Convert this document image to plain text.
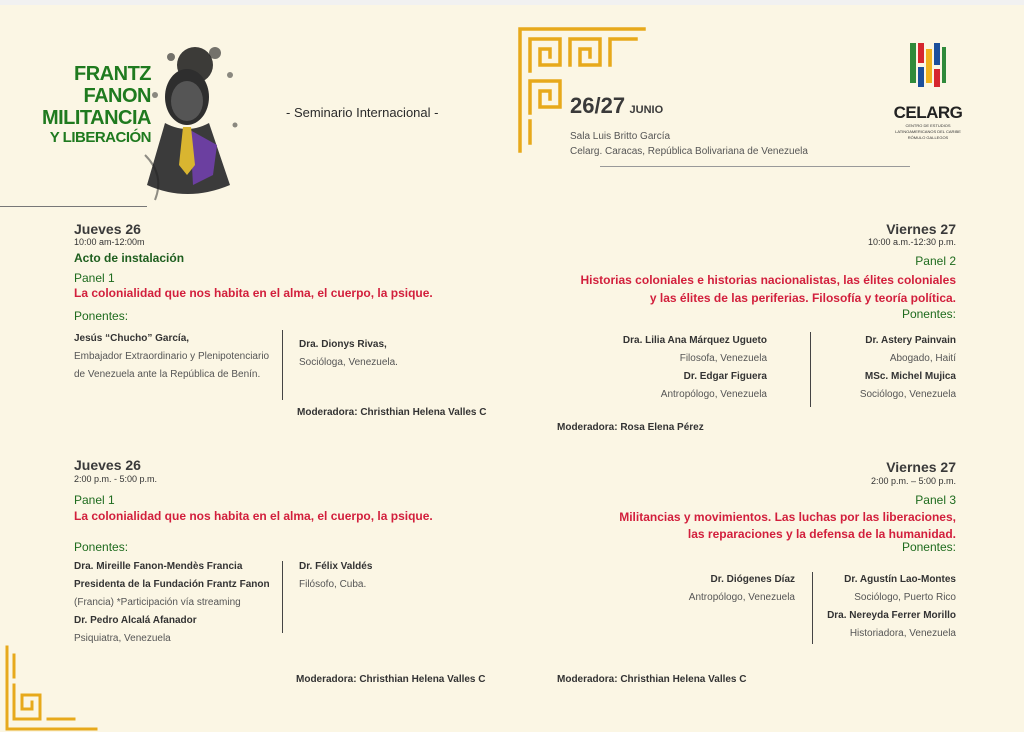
FRANTZ
FANON
MILITANCIA
Y LIBERACIÓN
- Seminario Internacional -	26/27 JUNIO
Sala Luis Britto García
Celarg. Caracas, República Bolivariana de Venezuela
CELARG
CENTRO DE ESTUDIOS
LATINOAMERICANOS DEL CARIBE
RÓMULO GALLEGOS
Jueves 26
10:00 am-12:00m
Acto de instalación
Panel 1
La colonialidad que nos habita en el alma, el cuerpo, la psique.
Ponentes:
Jesús “Chucho” García,
Embajador Extraordinario y Plenipotenciario
de Venezuela ante la República de Benín.
Dra. Dionys Rivas,
Socióloga, Venezuela.
Moderadora: Christhian Helena Valles C
Viernes 27
10:00 a.m.-12:30 p.m.
Panel 2
Historias coloniales e historias nacionalistas, las élites coloniales
y las élites de las periferias. Filosofía y teoría política.
Ponentes:
Dra. Lilia Ana Márquez Ugueto
Filosofa, Venezuela
Dr. Edgar Figuera
Antropólogo, Venezuela
Dr. Astery Painvain
Abogado, Haití
MSc. Michel Mujica
Sociólogo, Venezuela
Moderadora: Rosa Elena Pérez
Jueves 26
2:00 p.m. - 5:00 p.m.
Panel 1
La colonialidad que nos habita en el alma, el cuerpo, la psique.
Ponentes:
Dra. Mireille Fanon-Mendès Francia
Presidenta de la Fundación Frantz Fanon
(Francia) *Participación vía streaming
Dr. Pedro Alcalá Afanador
Psiquiatra, Venezuela
Dr. Félix Valdés
Filósofo, Cuba.
Moderadora: Christhian Helena Valles C
Viernes 27
2:00 p.m. – 5:00 p.m.
Panel 3
Militancias y movimientos. Las luchas por las liberaciones,
las reparaciones y la defensa de la humanidad.
Ponentes:
Dr. Diógenes Díaz
Antropólogo, Venezuela
Dr. Agustín Lao-Montes
Sociólogo, Puerto Rico
Dra. Nereyda Ferrer Morillo
Historiadora, Venezuela
Moderadora: Christhian Helena Valles C
